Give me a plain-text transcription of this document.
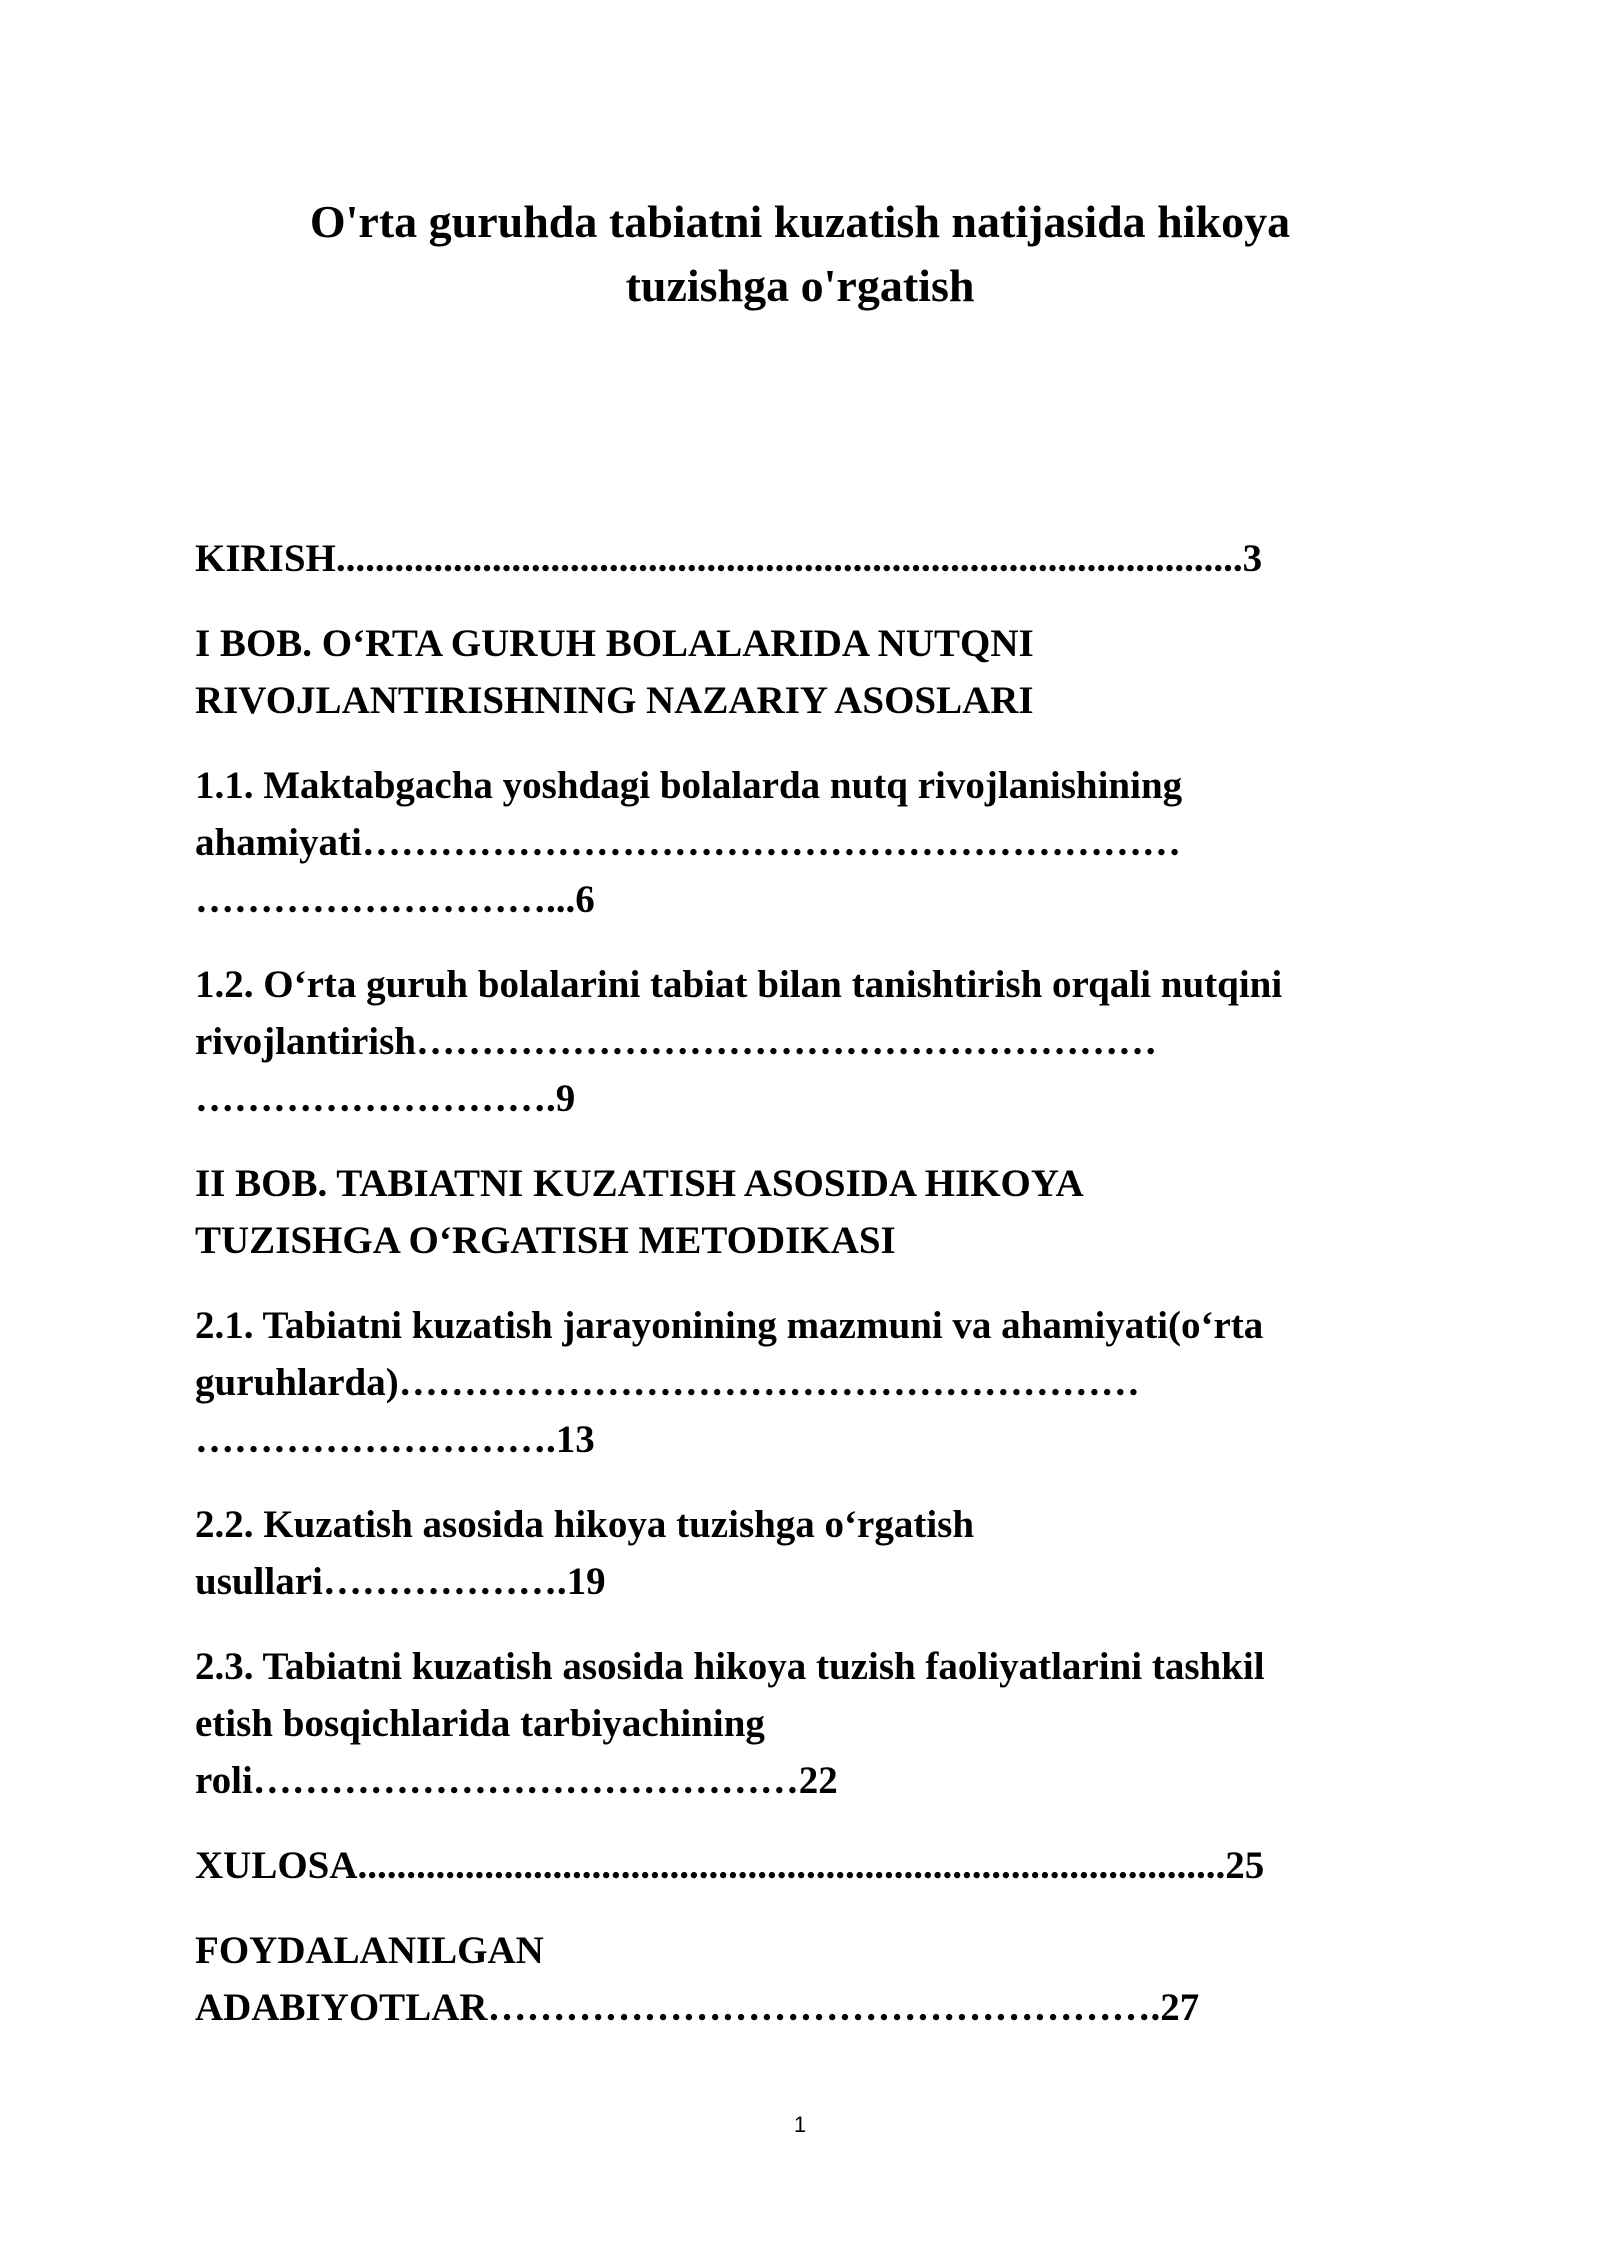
O'rta guruhda tabiatni kuzatish natijasida hikoya
tuzishga o'rgatish

KIRISH.............................................................................................3

I BOB. O‘RTA GURUH BOLALARIDA NUTQNI
RIVOJLANTIRISHNING NAZARIY ASOSLARI

1.1. Maktabgacha yoshdagi bolalarda nutq rivojlanishining
ahamiyati………………………………………………………
………………………...6

1.2. O‘rta guruh bolalarini tabiat bilan tanishtirish orqali nutqini
rivojlantirish…………………………………………………
……………………….9

II BOB. TABIATNI KUZATISH ASOSIDA HIKOYA
TUZISHGA O‘RGATISH METODIKASI

2.1. Tabiatni kuzatish jarayonining mazmuni va ahamiyati(o‘rta
guruhlarda)…………………………………………………
……………………….13

2.2. Kuzatish asosida hikoya tuzishga o‘rgatish
usullari……………….19

2.3. Tabiatni kuzatish asosida hikoya tuzish faoliyatlarini tashkil
etish bosqichlarida tarbiyachining
roli……………………………………22

XULOSA.........................................................................................25

FOYDALANILGAN
ADABIYOTLAR…………………………………………….27

1
